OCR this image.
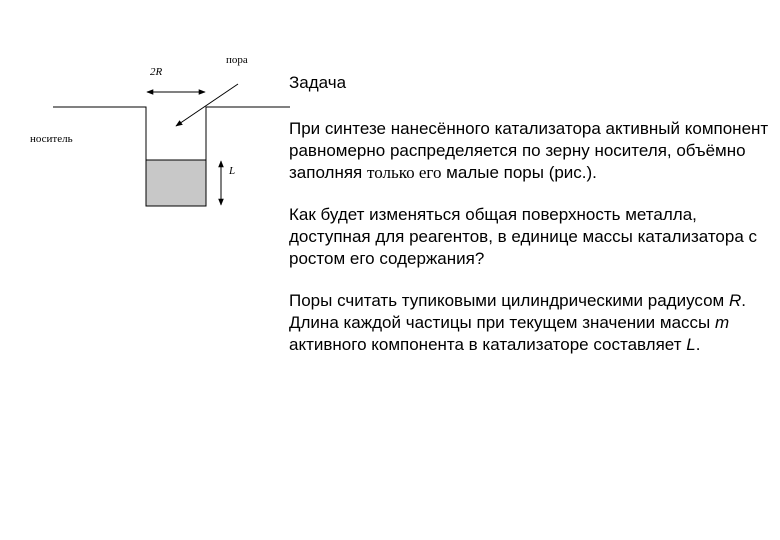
2R
пора
носитель
L
Задача

При синтезе нанесённого катализатора активный компонент равномерно распределяется по зерну носителя, объёмно заполняя только его малые поры (рис.).

Как будет изменяться общая поверхность металла, доступная для реагентов, в единице массы катализатора с ростом его содержания?

Поры считать тупиковыми цилиндрическими радиусом R. Длина каждой частицы при текущем значении массы m активного компонента в катализаторе составляет L.
